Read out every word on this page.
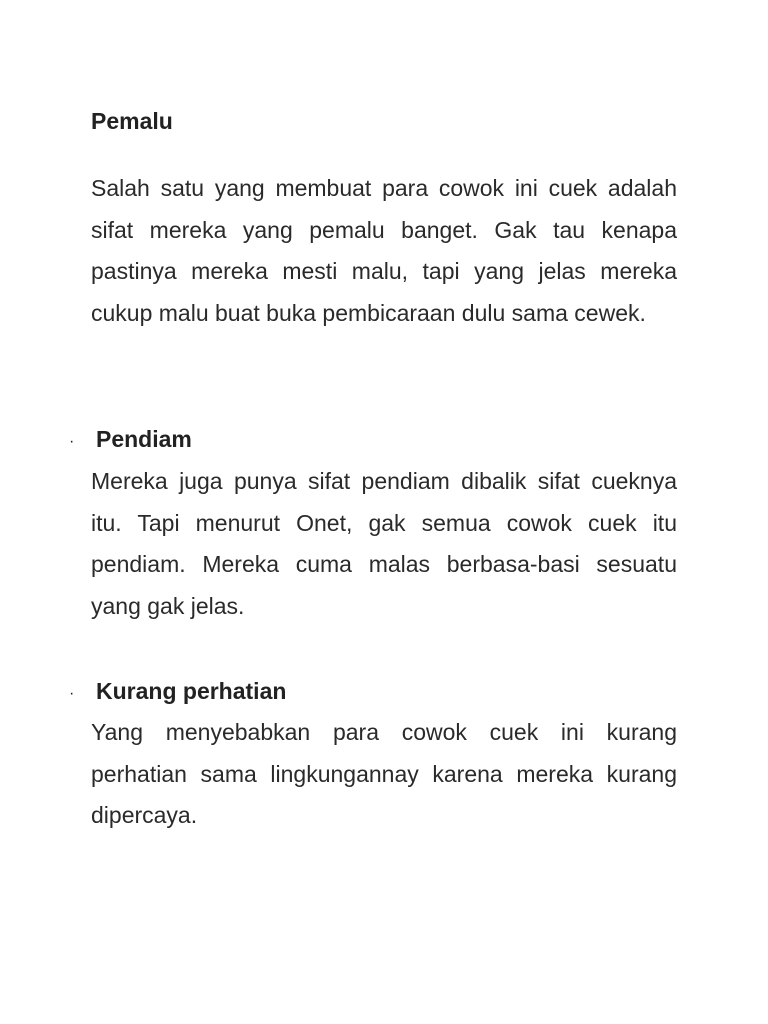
Pemalu

Salah satu yang membuat para cowok ini cuek adalah sifat mereka yang pemalu banget. Gak tau kenapa pastinya mereka mesti malu, tapi yang jelas mereka cukup malu buat buka pembicaraan dulu sama cewek.

· Pendiam

Mereka juga punya sifat pendiam dibalik sifat cueknya itu. Tapi menurut Onet, gak semua cowok cuek itu pendiam. Mereka cuma malas berbasa-basi sesuatu yang gak jelas.

· Kurang perhatian

Yang menyebabkan para cowok cuek ini kurang perhatian sama lingkungannay karena mereka kurang dipercaya.
